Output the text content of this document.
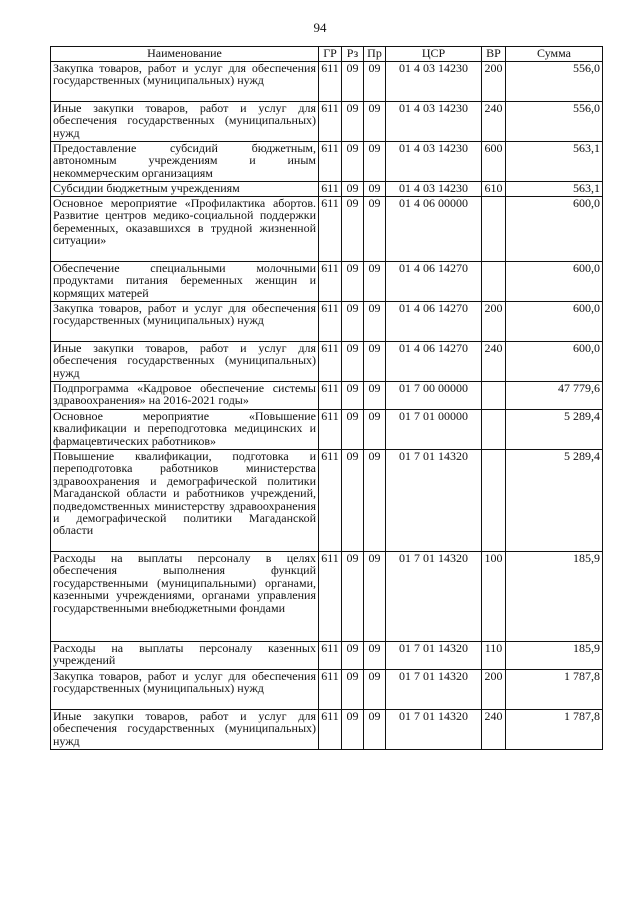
94
Наименование	ГР	Рз	Пр	ЦСР	ВР	Сумма
Закупка товаров, работ и услуг для обеспечения государственных (муниципальных) нужд	611	09	09	01 4 03 14230	200	556,0
Иные закупки товаров, работ и услуг для обеспечения государственных (муниципальных) нужд	611	09	09	01 4 03 14230	240	556,0
Предоставление субсидий бюджетным, автономным учреждениям и иным некоммерческим организациям	611	09	09	01 4 03 14230	600	563,1
Субсидии бюджетным учреждениям	611	09	09	01 4 03 14230	610	563,1
Основное мероприятие «Профилактика абортов. Развитие центров медико-социальной поддержки беременных, оказавшихся в трудной жизненной ситуации»	611	09	09	01 4 06 00000		600,0
Обеспечение специальными молочными продуктами питания беременных женщин и кормящих матерей	611	09	09	01 4 06 14270		600,0
Закупка товаров, работ и услуг для обеспечения государственных (муниципальных) нужд	611	09	09	01 4 06 14270	200	600,0
Иные закупки товаров, работ и услуг для обеспечения государственных (муниципальных) нужд	611	09	09	01 4 06 14270	240	600,0
Подпрограмма «Кадровое обеспечение системы здравоохранения» на 2016-2021 годы»	611	09	09	01 7 00 00000		47 779,6
Основное мероприятие «Повышение квалификации и переподготовка медицинских и фармацевтических работников»	611	09	09	01 7 01 00000		5 289,4
Повышение квалификации, подготовка и переподготовка работников министерства здравоохранения и демографической политики Магаданской области и работников учреждений, подведомственных министерству здравоохранения и демографической политики Магаданской области	611	09	09	01 7 01 14320		5 289,4
Расходы на выплаты персоналу в целях обеспечения выполнения функций государственными (муниципальными) органами, казенными учреждениями, органами управления государственными внебюджетными фондами	611	09	09	01 7 01 14320	100	185,9
Расходы на выплаты персоналу казенных учреждений	611	09	09	01 7 01 14320	110	185,9
Закупка товаров, работ и услуг для обеспечения государственных (муниципальных) нужд	611	09	09	01 7 01 14320	200	1 787,8
Иные закупки товаров, работ и услуг для обеспечения государственных (муниципальных) нужд	611	09	09	01 7 01 14320	240	1 787,8
